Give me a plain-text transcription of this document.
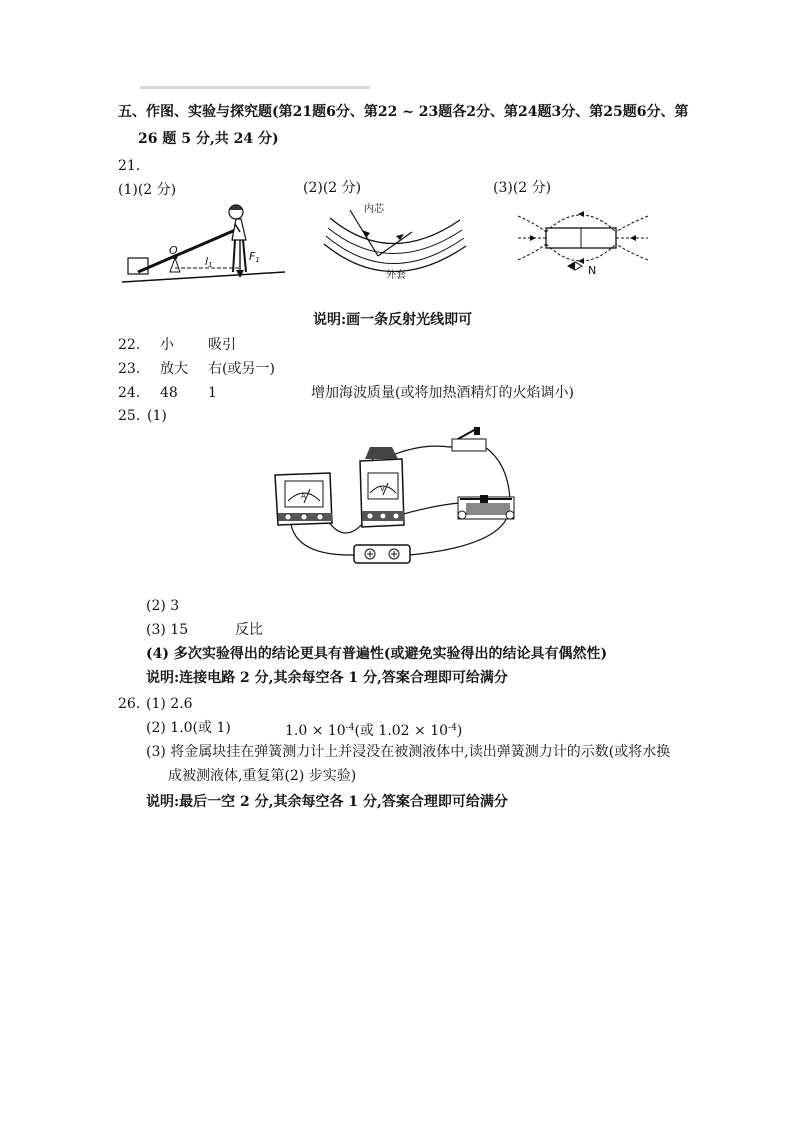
五、作图、实验与探究题(第21题6分、第22 ~ 23题各2分、第24题3分、第25题6分、第
26 题 5 分,共 24 分)
21.
(1)(2 分)	(2)(2 分)	(3)(2 分)
O
l1
F1
内芯
外套	N
说明:画一条反射光线即可
22. 小 吸引
23. 放大 右(或另一)
24. 48 1	增加海波质量(或将加热酒精灯的火焰调小)
25. (1)
A
V
(2) 3
(3) 15	反比
(4) 多次实验得出的结论更具有普遍性(或避免实验得出的结论具有偶然性)
说明:连接电路 2 分,其余每空各 1 分,答案合理即可给满分
26. (1) 2.6
(2) 1.0(或 1)	$1.0 \times 10^{-4}$(或 $1.02 \times 10^{-4}$)
(3) 将金属块挂在弹簧测力计上并浸没在被测液体中,读出弹簧测力计的示数(或将水换
成被测液体,重复第(2) 步实验)
说明:最后一空 2 分,其余每空各 1 分,答案合理即可给满分
